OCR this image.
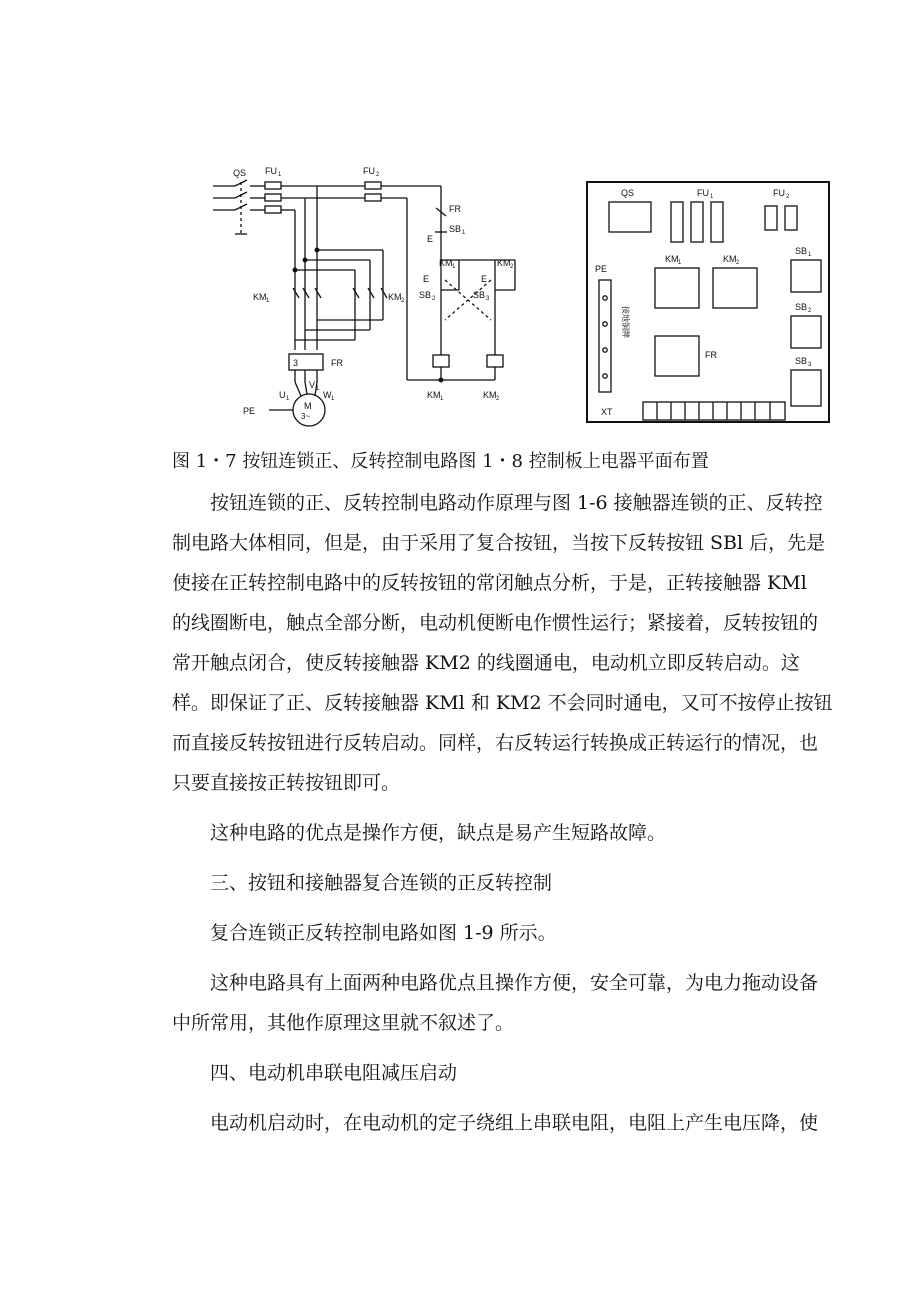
QS FU 1	FU 2
FR
SB 1
E
KM 1	KM 2
E	E
SB 2	SB 3
KM 1	KM 2
3	FR
U 1
V 1
W 1
PE	M
3~
KM 1	KM 2
QS	FU 1	FU 2
PE
KM 1	KM 2
SB 1
SB 2
SB 3
FR
XT
接地铜牌
图 1・7 按钮连锁正、反转控制电路图 1・8 控制板上电器平面布置

按钮连锁的正、反转控制电路动作原理与图 1-6 接触器连锁的正、反转控

制电路大体相同，但是，由于采用了复合按钮，当按下反转按钮 SBl 后，先是

使接在正转控制电路中的反转按钮的常闭触点分析，于是，正转接触器 KMl

的线圈断电，触点全部分断，电动机便断电作惯性运行；紧接着，反转按钮的

常开触点闭合，使反转接触器 KM2 的线圈通电，电动机立即反转启动。这

样。即保证了正、反转接触器 KMl 和 KM2 不会同时通电，又可不按停止按钮

而直接反转按钮进行反转启动。同样，右反转运行转换成正转运行的情况，也

只要直接按正转按钮即可。

这种电路的优点是操作方便，缺点是易产生短路故障。

三、按钮和接触器复合连锁的正反转控制

复合连锁正反转控制电路如图 1-9 所示。

这种电路具有上面两种电路优点且操作方便，安全可靠，为电力拖动设备

中所常用，其他作原理这里就不叙述了。

四、电动机串联电阻减压启动

电动机启动时，在电动机的定子绕组上串联电阻，电阻上产生电压降，使
